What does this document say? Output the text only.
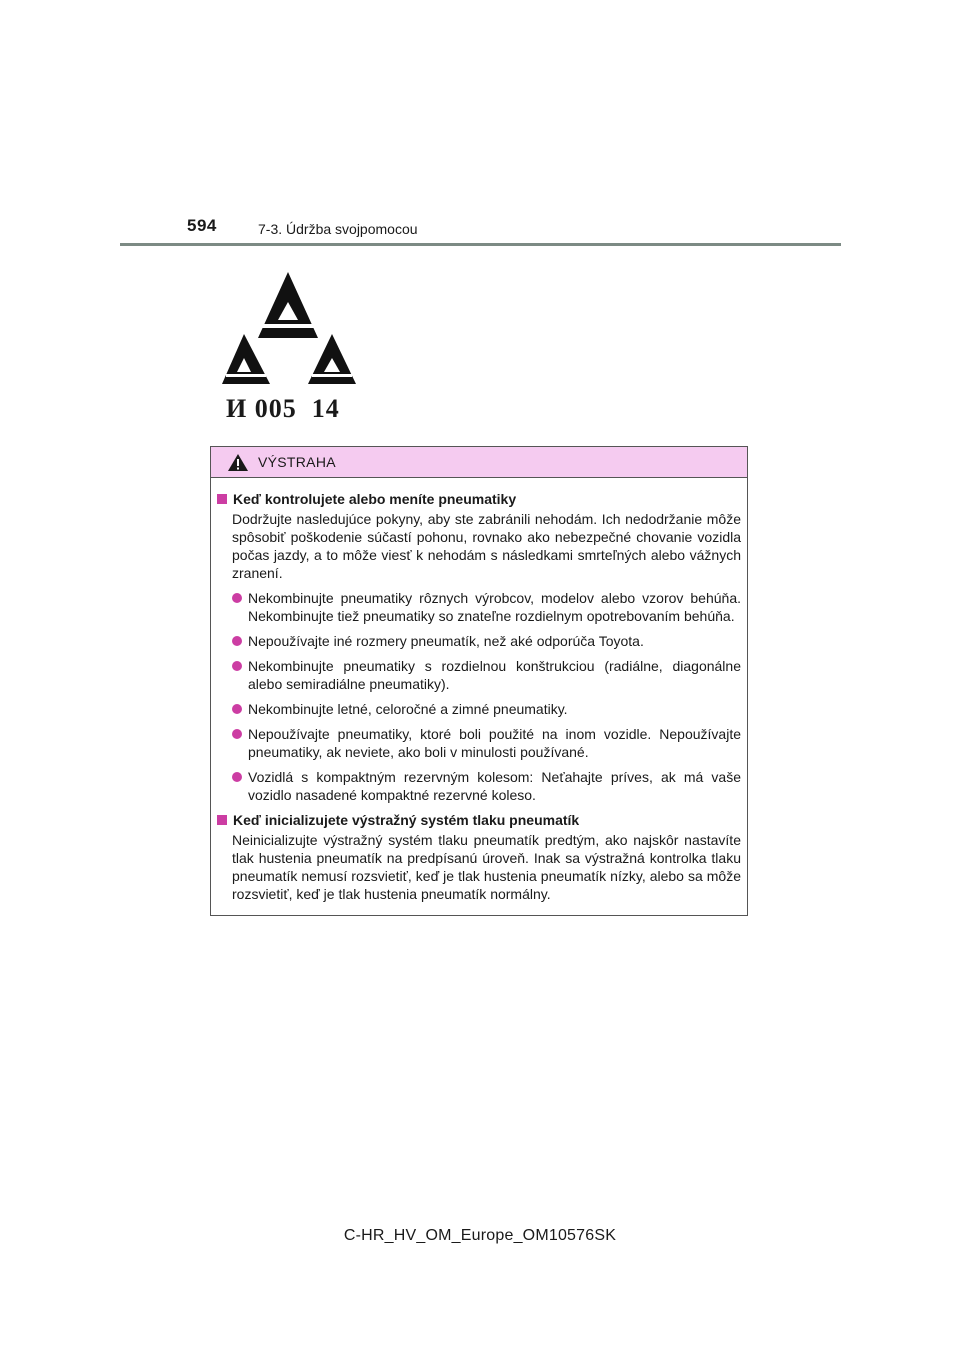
594	7-3. Údržba svojpomocou
И 005  14
VÝSTRAHA
Keď kontrolujete alebo meníte pneumatiky
Dodržujte nasledujúce pokyny, aby ste zabránili nehodám. Ich nedodržanie môže spôsobiť poškodenie súčastí pohonu, rovnako ako nebezpečné chovanie vozidla počas jazdy, a to môže viesť k nehodám s následkami smrteľných alebo vážnych zranení.
Nekombinujte pneumatiky rôznych výrobcov, modelov alebo vzorov behúňa. Nekombinujte tiež pneumatiky so znateľne rozdielnym opotrebovaním behúňa.
Nepoužívajte iné rozmery pneumatík, než aké odporúča Toyota.
Nekombinujte pneumatiky s rozdielnou konštrukciou (radiálne, diagonálne alebo semiradiálne pneumatiky).
Nekombinujte letné, celoročné a zimné pneumatiky.
Nepoužívajte pneumatiky, ktoré boli použité na inom vozidle. Nepoužívajte pneumatiky, ak neviete, ako boli v minulosti používané.
Vozidlá s kompaktným rezervným kolesom: Neťahajte príves, ak má vaše vozidlo nasadené kompaktné rezervné koleso.
Keď inicializujete výstražný systém tlaku pneumatík
Neinicializujte výstražný systém tlaku pneumatík predtým, ako najskôr nastavíte tlak hustenia pneumatík na predpísanú úroveň. Inak sa výstražná kontrolka tlaku pneumatík nemusí rozsvietiť, keď je tlak hustenia pneumatík nízky, alebo sa môže rozsvietiť, keď je tlak hustenia pneumatík normálny.
C-HR_HV_OM_Europe_OM10576SK
